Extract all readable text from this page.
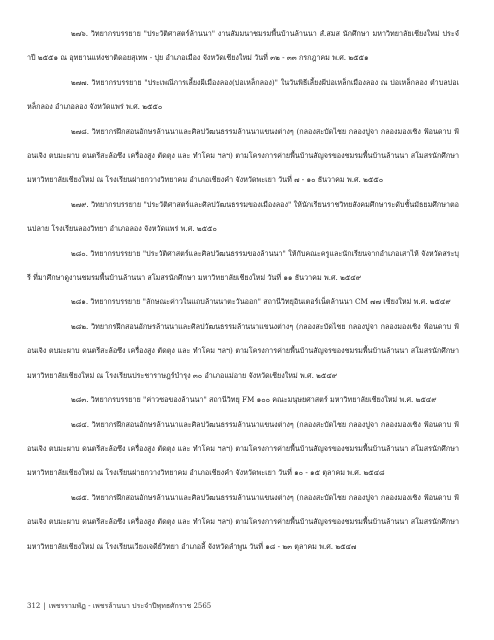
๒๗๖. วิทยากรบรรยาย "ประวัติศาสตร์ล้านนา" งานสัมมนาชมรมพื้นบ้านล้านนา สํ.สมส นักศึกษา มหาวิทยาลัยเชียงใหม่ ประจําปี ๒๕๕๑ ณ อุทยานแห่งชาติดอยสุเทพ - ปุย อําเภอเมือง จังหวัดเชียงใหม่ วันที่ ๓๒ - ๓๓ กรกฎาคม พ.ศ. ๒๕๕๑

๒๗๗. วิทยากรบรรยาย "ประเพณีการเลี้ยงผีเมืองลอง(บ่อเหล็กลอง)" ในวันพิธีเลี้ยงผีบ่อเหล็กเมืองลอง ณ บ่อเหล็กลอง ตําบลบ่อเหล็กลอง อําเภอลอง จังหวัดแพร่ พ.ศ. ๒๕๕๐

๒๗๘. วิทยากรฝึกสอนอักษรล้านนาและศิลปวัฒนธรรมล้านนาแขนงต่างๆ (กลองสะบัดไชย กลองปูจา กลองมองเซิง ฟ้อนดาบ ฟ้อนเจิง ตบมะผาบ ดนตรีสะล้อซึง เครื่องสูง ตัดตุง และ ทําโคม ฯลฯ) ตามโครงการค่ายพื้นบ้านสัญจรของชมรมพื้นบ้านล้านนา สโมสรนักศึกษา มหาวิทยาลัยเชียงใหม่ ณ โรงเรียนฝายกวางวิทยาคม อําเภอเชียงคํา จังหวัดพะเยา วันที่ ๗ - ๑๐ ธันวาคม พ.ศ. ๒๕๕๐

๒๗๙. วิทยากรบรรยาย "ประวัติศาสตร์และศิลปวัฒนธรรมของเมืองลอง" ให้นักเรียนราชวิทยสังคมศึกษาระดับชั้นมัธยมศึกษาตอนปลาย โรงเรียนลองวิทยา อําเภอลอง จังหวัดแพร่ พ.ศ. ๒๕๕๐

๒๘๐. วิทยากรบรรยาย "ประวัติศาสตร์และศิลปวัฒนธรรมของล้านนา" ให้กับคณะครูและนักเรียนจากอําเภอเสาไห้ จังหวัดสระบุรี ที่มาศึกษาดูงานชมรมพื้นบ้านล้านนา สโมสรนักศึกษา มหาวิทยาลัยเชียงใหม่ วันที่ ๑๑ ธันวาคม พ.ศ. ๒๕๔๙

๒๘๑. วิทยากรบรรยาย "ลักษณะค่าวในแถบล้านนาตะวันออก" สถานีวิทยุอินเตอร์เน็ตล้านนา CM ๗๗ เชียงใหม่ พ.ศ. ๒๕๔๙

๒๘๒. วิทยากรฝึกสอนอักษรล้านนาและศิลปวัฒนธรรมล้านนาแขนงต่างๆ (กลองสะบัดไชย กลองปูจา กลองมองเซิง ฟ้อนดาบ ฟ้อนเจิง ตบมะผาบ ดนตรีสะล้อซึง เครื่องสูง ตัดตุง และ ทําโคม ฯลฯ) ตามโครงการค่ายพื้นบ้านสัญจรของชมรมพื้นบ้านล้านนา สโมสรนักศึกษา มหาวิทยาลัยเชียงใหม่ ณ โรงเรียนประชาราษฎร์บํารุง ๓๐ อําเภอแม่อาย จังหวัดเชียงใหม่ พ.ศ. ๒๕๔๙

๒๘๓. วิทยากรบรรยาย "ค่าวซอของล้านนา" สถานีวิทยุ FM ๑๐๐ คณะมนุษยศาสตร์ มหาวิทยาลัยเชียงใหม่ พ.ศ. ๒๕๔๙

๒๘๔. วิทยากรฝึกสอนอักษรล้านนาและศิลปวัฒนธรรมล้านนาแขนงต่างๆ (กลองสะบัดไชย กลองปูจา กลองมองเซิง ฟ้อนดาบ ฟ้อนเจิง ตบมะผาบ ดนตรีสะล้อซึง เครื่องสูง ตัดตุง และ ทําโคม ฯลฯ) ตามโครงการค่ายพื้นบ้านสัญจรของชมรมพื้นบ้านล้านนา สโมสรนักศึกษา มหาวิทยาลัยเชียงใหม่ ณ โรงเรียนฝายกวางวิทยาคม อําเภอเชียงคํา จังหวัดพะเยา วันที่ ๑๐ - ๑๕ ตุลาคม พ.ศ. ๒๕๔๘

๒๘๕. วิทยากรฝึกสอนอักษรล้านนาและศิลปวัฒนธรรมล้านนาแขนงต่างๆ (กลองสะบัดไชย กลองปูจา กลองมองเซิง ฟ้อนดาบ ฟ้อนเจิง ตบมะผาบ ดนตรีสะล้อซึง เครื่องสูง ตัดตุง และ ทําโคม ฯลฯ) ตามโครงการค่ายพื้นบ้านสัญจรของชมรมพื้นบ้านล้านนา สโมสรนักศึกษา มหาวิทยาลัยเชียงใหม่ ณ โรงเรียนเวียงเจดีย์วิทยา อําเภอลี้ จังหวัดลําพูน วันที่ ๑๘ - ๒๓ ตุลาคม พ.ศ. ๒๕๔๗

312 | เพชรรามพัฏ - เพชรล้านนา ประจําปีพุทธศักราช 2565
